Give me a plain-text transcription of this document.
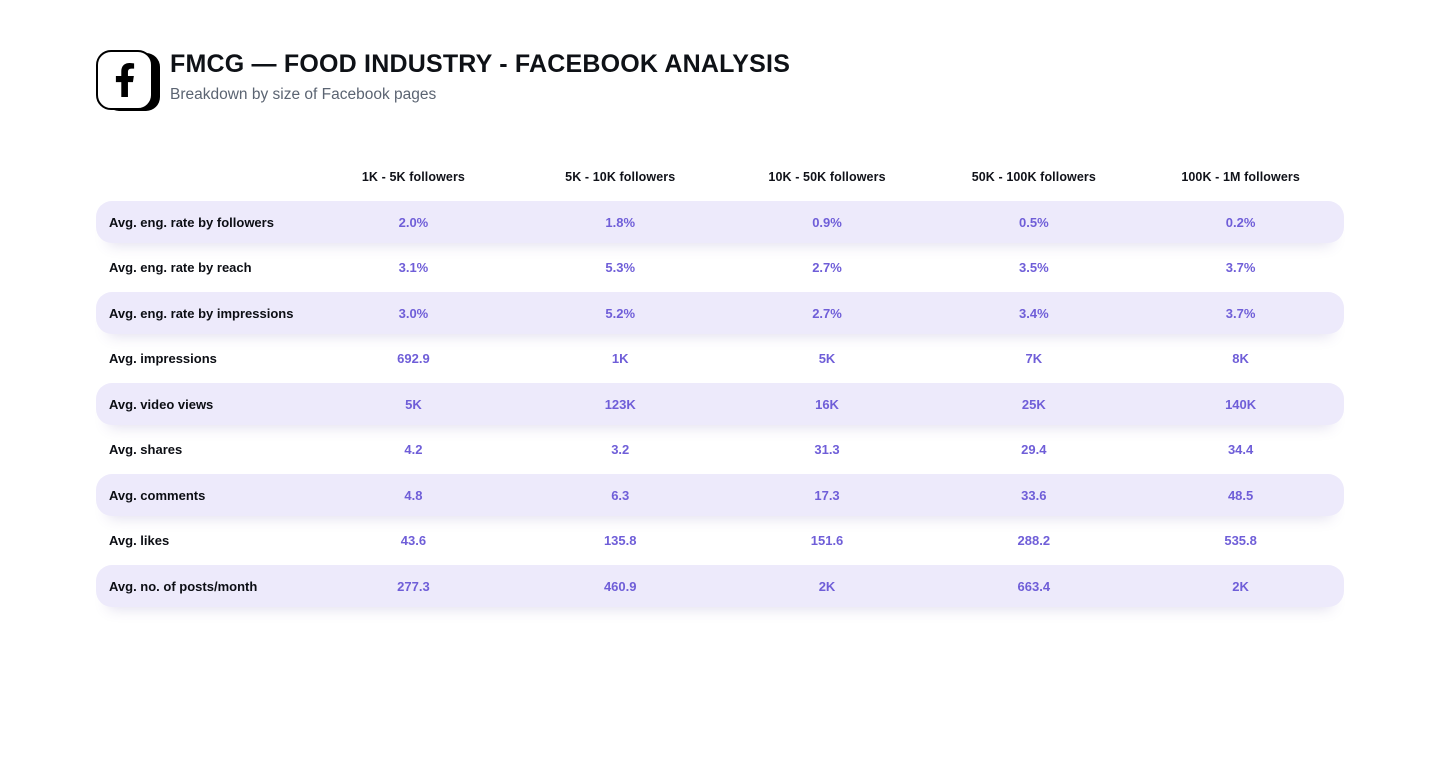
FMCG — FOOD INDUSTRY - FACEBOOK ANALYSIS

Breakdown by size of Facebook pages

1K - 5K followers	5K - 10K followers	10K - 50K followers	50K - 100K followers	100K - 1M followers
Avg. eng. rate by followers	2.0%	1.8%	0.9%	0.5%	0.2%
Avg. eng. rate by reach	3.1%	5.3%	2.7%	3.5%	3.7%
Avg. eng. rate by impressions	3.0%	5.2%	2.7%	3.4%	3.7%
Avg. impressions	692.9	1K	5K	7K	8K
Avg. video views	5K	123K	16K	25K	140K
Avg. shares	4.2	3.2	31.3	29.4	34.4
Avg. comments	4.8	6.3	17.3	33.6	48.5
Avg. likes	43.6	135.8	151.6	288.2	535.8
Avg. no. of posts/month	277.3	460.9	2K	663.4	2K
